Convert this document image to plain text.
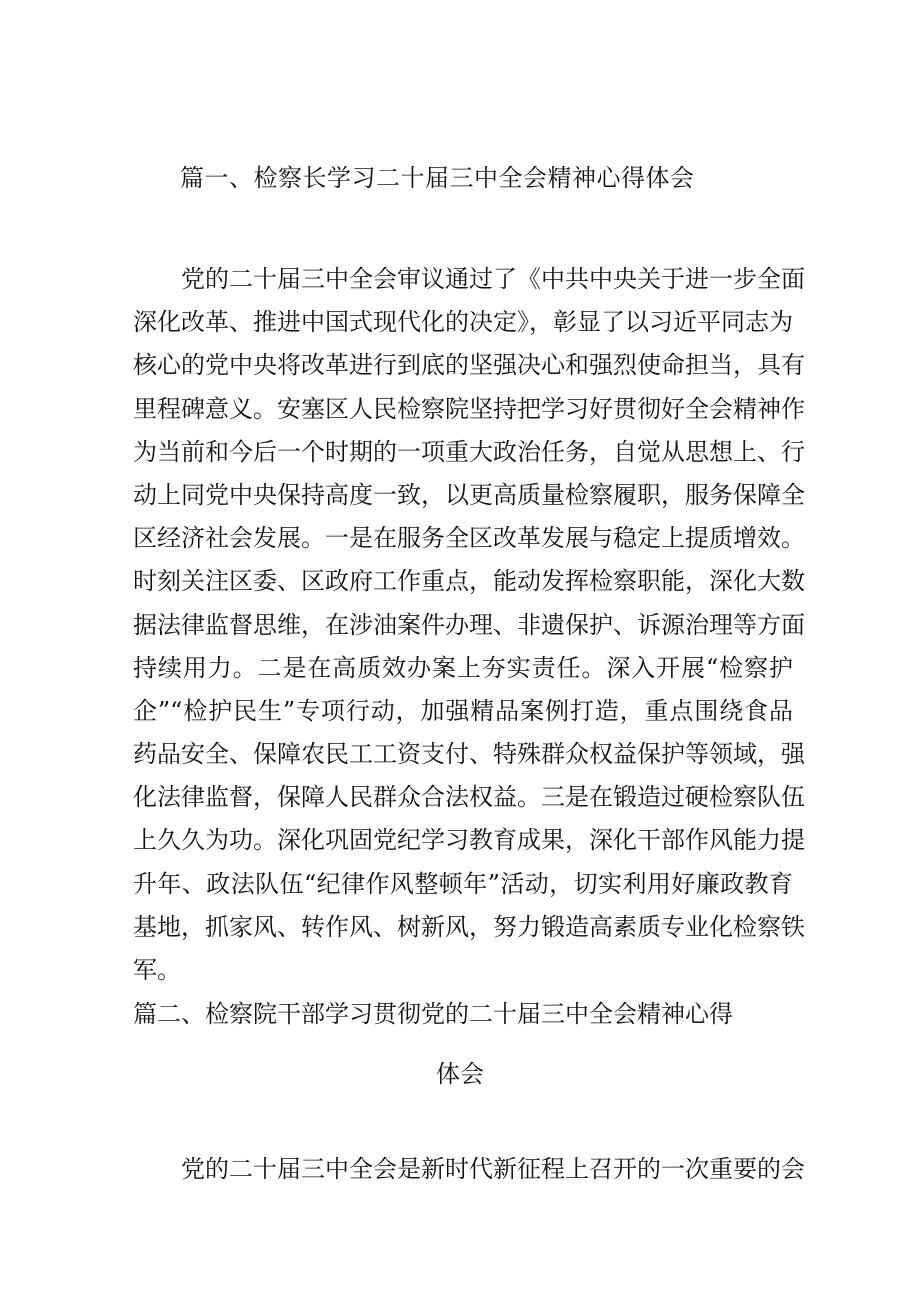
篇一、检察长学习二十届三中全会精神心得体会
党的二十届三中全会审议通过了《中共中央关于进一步全面
深化改革、推进中国式现代化的决定》，彰显了以习近平同志为
核心的党中央将改革进行到底的坚强决心和强烈使命担当，具有
里程碑意义。安塞区人民检察院坚持把学习好贯彻好全会精神作
为当前和今后一个时期的一项重大政治任务，自觉从思想上、行
动上同党中央保持高度一致，以更高质量检察履职，服务保障全
区经济社会发展。一是在服务全区改革发展与稳定上提质增效。
时刻关注区委、区政府工作重点，能动发挥检察职能，深化大数
据法律监督思维，在涉油案件办理、非遗保护、诉源治理等方面
持续用力。二是在高质效办案上夯实责任。深入开展“检察护
企”“检护民生”专项行动，加强精品案例打造，重点围绕食品
药品安全、保障农民工工资支付、特殊群众权益保护等领域，强
化法律监督，保障人民群众合法权益。三是在锻造过硬检察队伍
上久久为功。深化巩固党纪学习教育成果，深化干部作风能力提
升年、政法队伍“纪律作风整顿年”活动，切实利用好廉政教育
基地，抓家风、转作风、树新风，努力锻造高素质专业化检察铁
军。
篇二、检察院干部学习贯彻党的二十届三中全会精神心得
体会
党的二十届三中全会是新时代新征程上召开的一次重要的会
